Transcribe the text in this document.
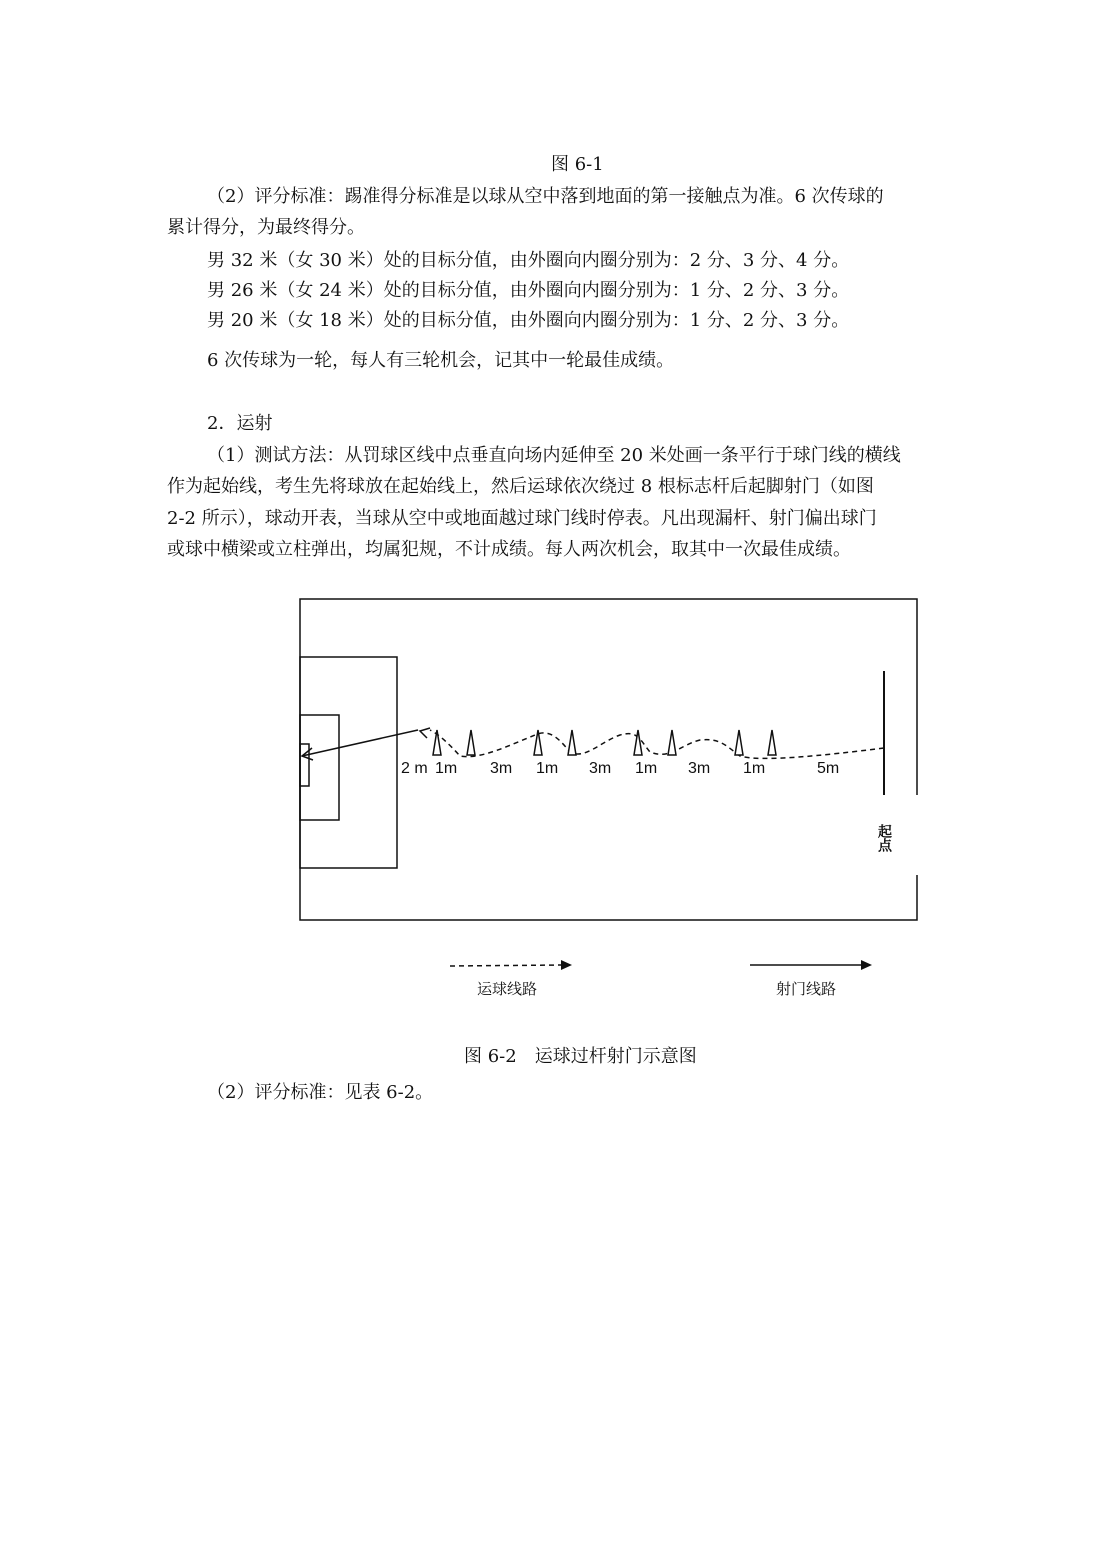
图 6-1
（2）评分标准：踢准得分标准是以球从空中落到地面的第一接触点为准。6 次传球的
累计得分，为最终得分。
男 32 米（女 30 米）处的目标分值，由外圈向内圈分别为：2 分、3 分、4 分。
男 26 米（女 24 米）处的目标分值，由外圈向内圈分别为：1 分、2 分、3 分。
男 20 米（女 18 米）处的目标分值，由外圈向内圈分别为：1 分、2 分、3 分。
6 次传球为一轮，每人有三轮机会，记其中一轮最佳成绩。
2．运射
（1）测试方法：从罚球区线中点垂直向场内延伸至 20 米处画一条平行于球门线的横线
作为起始线，考生先将球放在起始线上，然后运球依次绕过 8 根标志杆后起脚射门（如图
2-2 所示），球动开表，当球从空中或地面越过球门线时停表。凡出现漏杆、射门偏出球门
或球中横梁或立柱弹出，均属犯规，不计成绩。每人两次机会，取其中一次最佳成绩。
2 m 1m 3m 1m 3m 1m 3m 1m	5m
起点
运球线路	射门线路
图 6-2　运球过杆射门示意图
（2）评分标准：见表 6-2。
